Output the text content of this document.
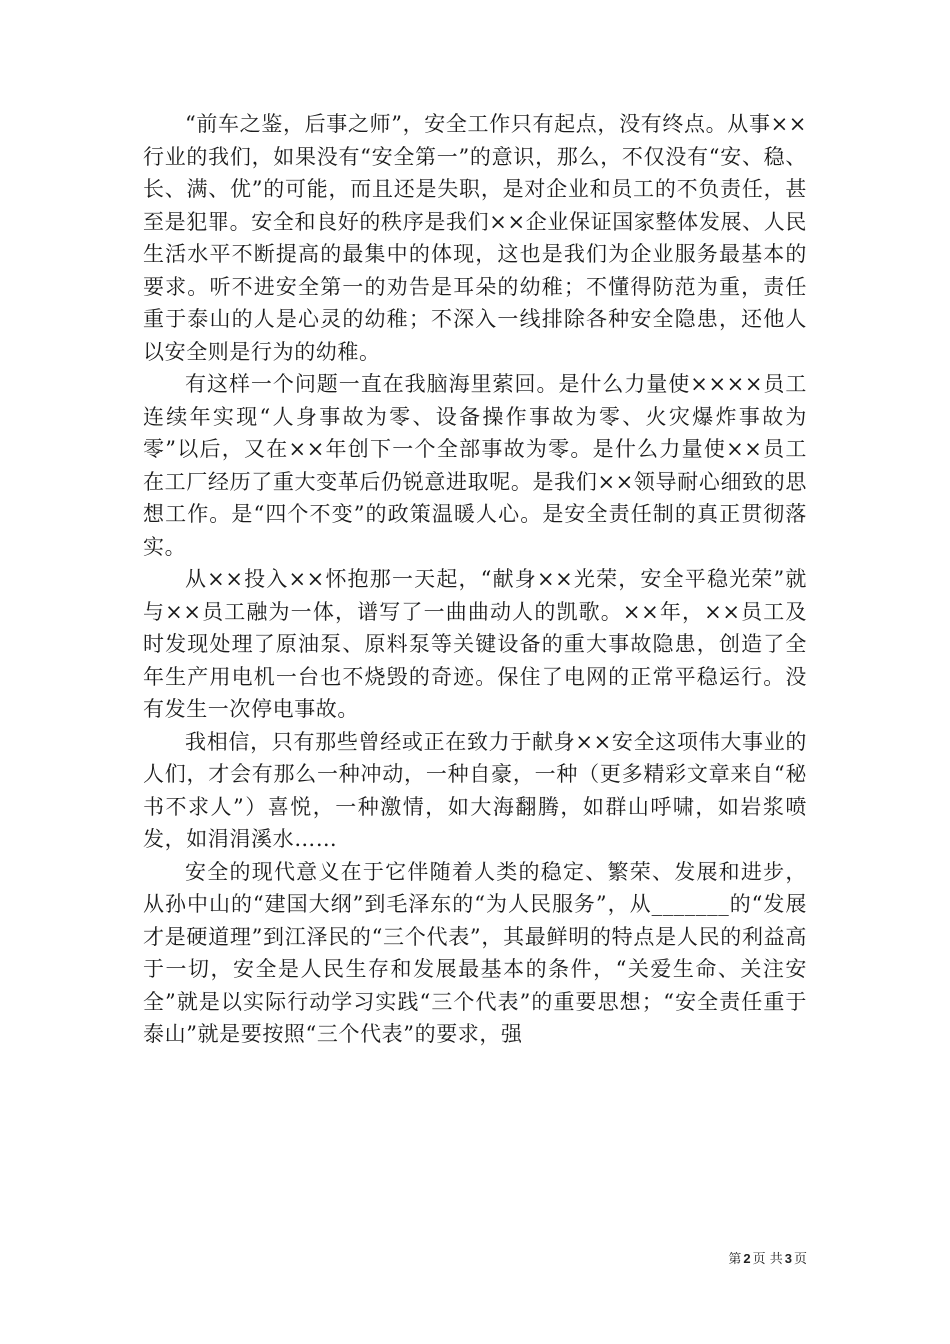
“前车之鉴，后事之师”，安全工作只有起点，没有终点。从事××行业的我们，如果没有“安全第一”的意识，那么，不仅没有“安、稳、长、满、优”的可能，而且还是失职，是对企业和员工的不负责任，甚至是犯罪。安全和良好的秩序是我们××企业保证国家整体发展、人民生活水平不断提高的最集中的体现，这也是我们为企业服务最基本的要求。听不进安全第一的劝告是耳朵的幼稚；不懂得防范为重，责任重于泰山的人是心灵的幼稚；不深入一线排除各种安全隐患，还他人以安全则是行为的幼稚。

有这样一个问题一直在我脑海里萦回。是什么力量使××××员工连续年实现“人身事故为零、设备操作事故为零、火灾爆炸事故为零”以后，又在××年创下一个全部事故为零。是什么力量使××员工在工厂经历了重大变革后仍锐意进取呢。是我们××领导耐心细致的思想工作。是“四个不变”的政策温暖人心。是安全责任制的真正贯彻落实。

从××投入××怀抱那一天起，“献身××光荣，安全平稳光荣”就与××员工融为一体，谱写了一曲曲动人的凯歌。××年，××员工及时发现处理了原油泵、原料泵等关键设备的重大事故隐患，创造了全年生产用电机一台也不烧毁的奇迹。保住了电网的正常平稳运行。没有发生一次停电事故。

我相信，只有那些曾经或正在致力于献身××安全这项伟大事业的人们，才会有那么一种冲动，一种自豪，一种（更多精彩文章来自“秘书不求人”）喜悦，一种激情，如大海翻腾，如群山呼啸，如岩浆喷发，如涓涓溪水……

安全的现代意义在于它伴随着人类的稳定、繁荣、发展和进步，从孙中山的“建国大纲”到毛泽东的“为人民服务”，从_______的“发展才是硬道理”到江泽民的“三个代表”，其最鲜明的特点是人民的利益高于一切，安全是人民生存和发展最基本的条件，“关爱生命、关注安全”就是以实际行动学习实践“三个代表”的重要思想；“安全责任重于泰山”就是要按照“三个代表”的要求，强

第 2 页 共 3 页
